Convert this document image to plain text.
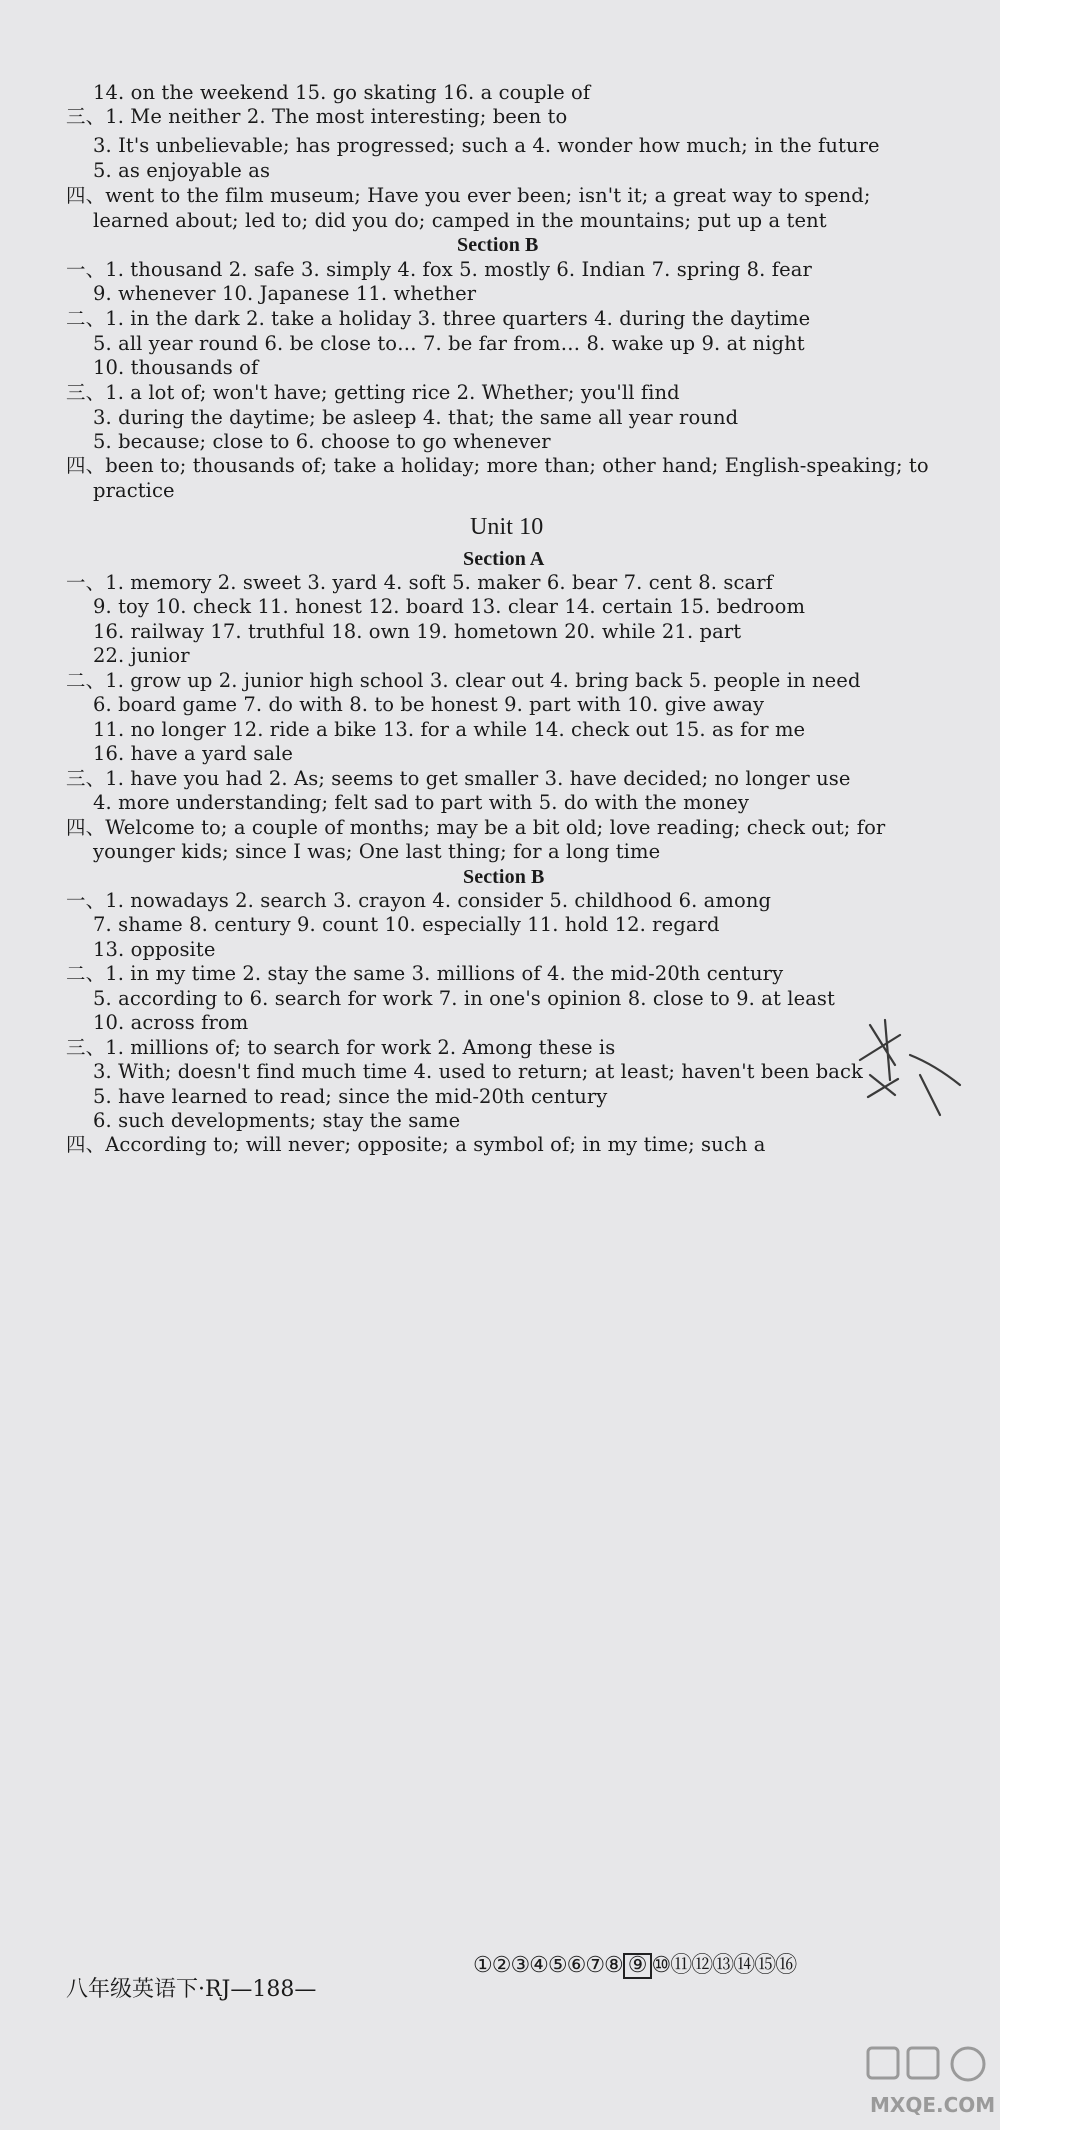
14. on the weekend 15. go skating 16. a couple of
三、1. Me neither 2. The most interesting; been to
3. It's unbelievable; has progressed; such a 4. wonder how much; in the future
5. as enjoyable as
四、went to the film museum; Have you ever been; isn't it; a great way to spend;
learned about; led to; did you do; camped in the mountains; put up a tent
Section B
一、1. thousand 2. safe 3. simply 4. fox 5. mostly 6. Indian 7. spring 8. fear
9. whenever 10. Japanese 11. whether
二、1. in the dark 2. take a holiday 3. three quarters 4. during the daytime
5. all year round 6. be close to… 7. be far from… 8. wake up 9. at night
10. thousands of
三、1. a lot of; won't have; getting rice 2. Whether; you'll find
3. during the daytime; be asleep 4. that; the same all year round
5. because; close to 6. choose to go whenever
四、been to; thousands of; take a holiday; more than; other hand; English-speaking; to
practice
Unit 10
Section A
一、1. memory 2. sweet 3. yard 4. soft 5. maker 6. bear 7. cent 8. scarf
9. toy 10. check 11. honest 12. board 13. clear 14. certain 15. bedroom
16. railway 17. truthful 18. own 19. hometown 20. while 21. part
22. junior
二、1. grow up 2. junior high school 3. clear out 4. bring back 5. people in need
6. board game 7. do with 8. to be honest 9. part with 10. give away
11. no longer 12. ride a bike 13. for a while 14. check out 15. as for me
16. have a yard sale
三、1. have you had 2. As; seems to get smaller 3. have decided; no longer use
4. more understanding; felt sad to part with 5. do with the money
四、Welcome to; a couple of months; may be a bit old; love reading; check out; for
younger kids; since I was; One last thing; for a long time
Section B
一、1. nowadays 2. search 3. crayon 4. consider 5. childhood 6. among
7. shame 8. century 9. count 10. especially 11. hold 12. regard
13. opposite
二、1. in my time 2. stay the same 3. millions of 4. the mid-20th century
5. according to 6. search for work 7. in one's opinion 8. close to 9. at least
10. across from
三、1. millions of; to search for work 2. Among these is
3. With; doesn't find much time 4. used to return; at least; haven't been back
5. have learned to read; since the mid-20th century
6. such developments; stay the same
四、According to; will never; opposite; a symbol of; in my time; such a
①②③④⑤⑥⑦⑧ ⑨ ⑩⑪⑫⑬⑭⑮⑯
八年级英语下·RJ—188—
MXQE.COM
